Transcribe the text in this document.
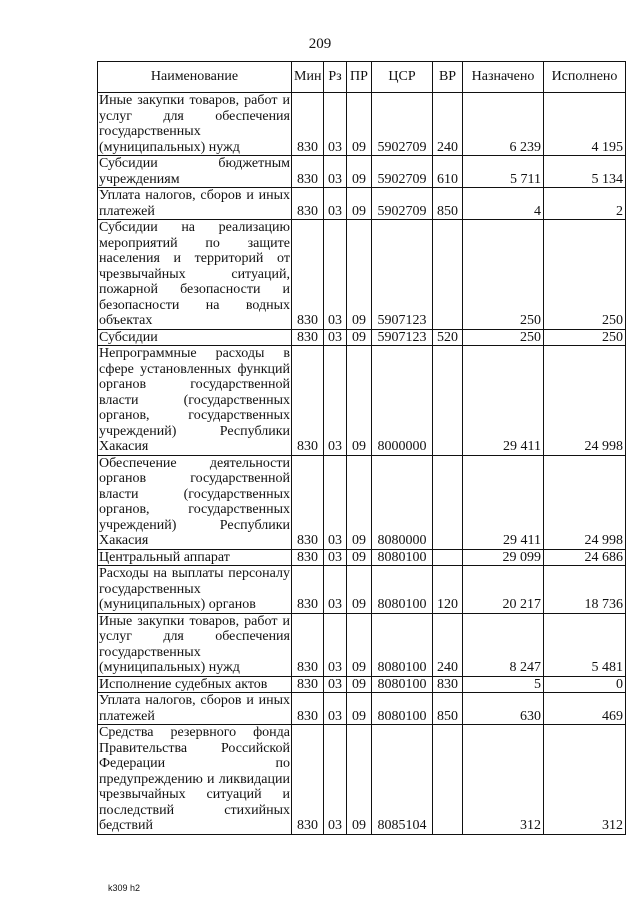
209
Наименование	Мин	Рз	ПР	ЦСР	ВР	Назначено	Исполнено
Иные закупки товаров, работ и услуг для обеспечения государственных (муниципальных) нужд	830	03	09	5902709	240	6 239	4 195
Субсидии бюджетным учреждениям	830	03	09	5902709	610	5 711	5 134
Уплата налогов, сборов и иных платежей	830	03	09	5902709	850	4	2
Субсидии на реализацию мероприятий по защите населения и территорий от чрезвычайных ситуаций, пожарной безопасности и безопасности на водных объектах	830	03	09	5907123		250	250
Субсидии	830	03	09	5907123	520	250	250
Непрограммные расходы в сфере установленных функций органов государственной власти (государственных органов, государственных учреждений) Республики Хакасия	830	03	09	8000000		29 411	24 998
Обеспечение деятельности органов государственной власти (государственных органов, государственных учреждений) Республики Хакасия	830	03	09	8080000		29 411	24 998
Центральный аппарат	830	03	09	8080100		29 099	24 686
Расходы на выплаты персоналу государственных (муниципальных) органов	830	03	09	8080100	120	20 217	18 736
Иные закупки товаров, работ и услуг для обеспечения государственных (муниципальных) нужд	830	03	09	8080100	240	8 247	5 481
Исполнение судебных актов	830	03	09	8080100	830	5	0
Уплата налогов, сборов и иных платежей	830	03	09	8080100	850	630	469
Средства резервного фонда Правительства Российской Федерации по предупреждению и ликвидации чрезвычайных ситуаций и последствий стихийных бедствий	830	03	09	8085104		312	312
k309 h2
